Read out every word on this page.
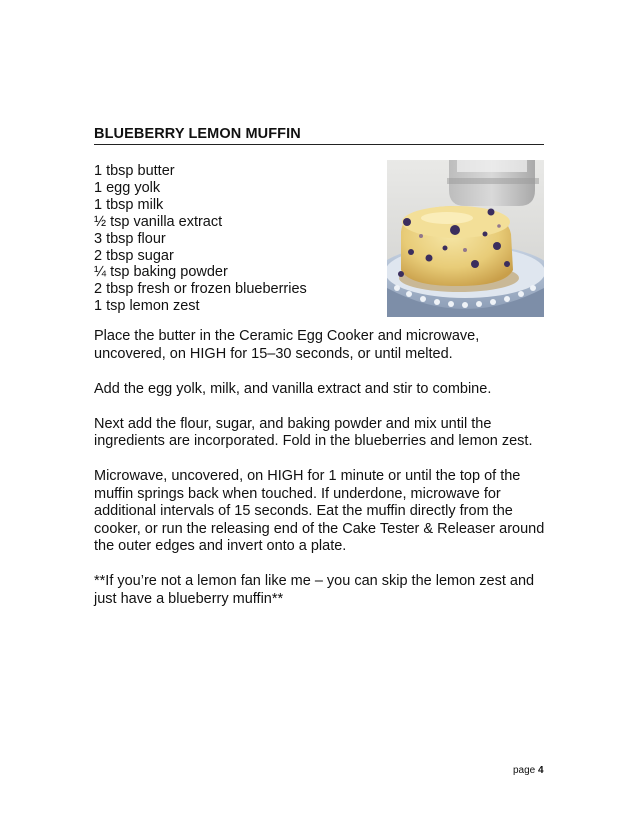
BLUEBERRY LEMON MUFFIN
1 tbsp butter
1 egg yolk
1 tbsp milk
½ tsp vanilla extract
3 tbsp flour
2 tbsp sugar
¼ tsp baking powder
2 tbsp fresh or frozen blueberries
1 tsp lemon zest

Place the butter in the Ceramic Egg Cooker and microwave, uncovered, on HIGH for 15–30 seconds, or until melted.

Add the egg yolk, milk, and vanilla extract and stir to combine.

Next add the flour, sugar, and baking powder and mix until the ingredients are incorporated. Fold in the blueberries and lemon zest.

Microwave, uncovered, on HIGH for 1 minute or until the top of the muffin springs back when touched. If underdone, microwave for additional intervals of 15 seconds. Eat the muffin directly from the cooker, or run the releasing end of the Cake Tester & Releaser around the outer edges and invert onto a plate.

**If you’re not a lemon fan like me – you can skip the lemon zest and just have a blueberry muffin**

page 4
